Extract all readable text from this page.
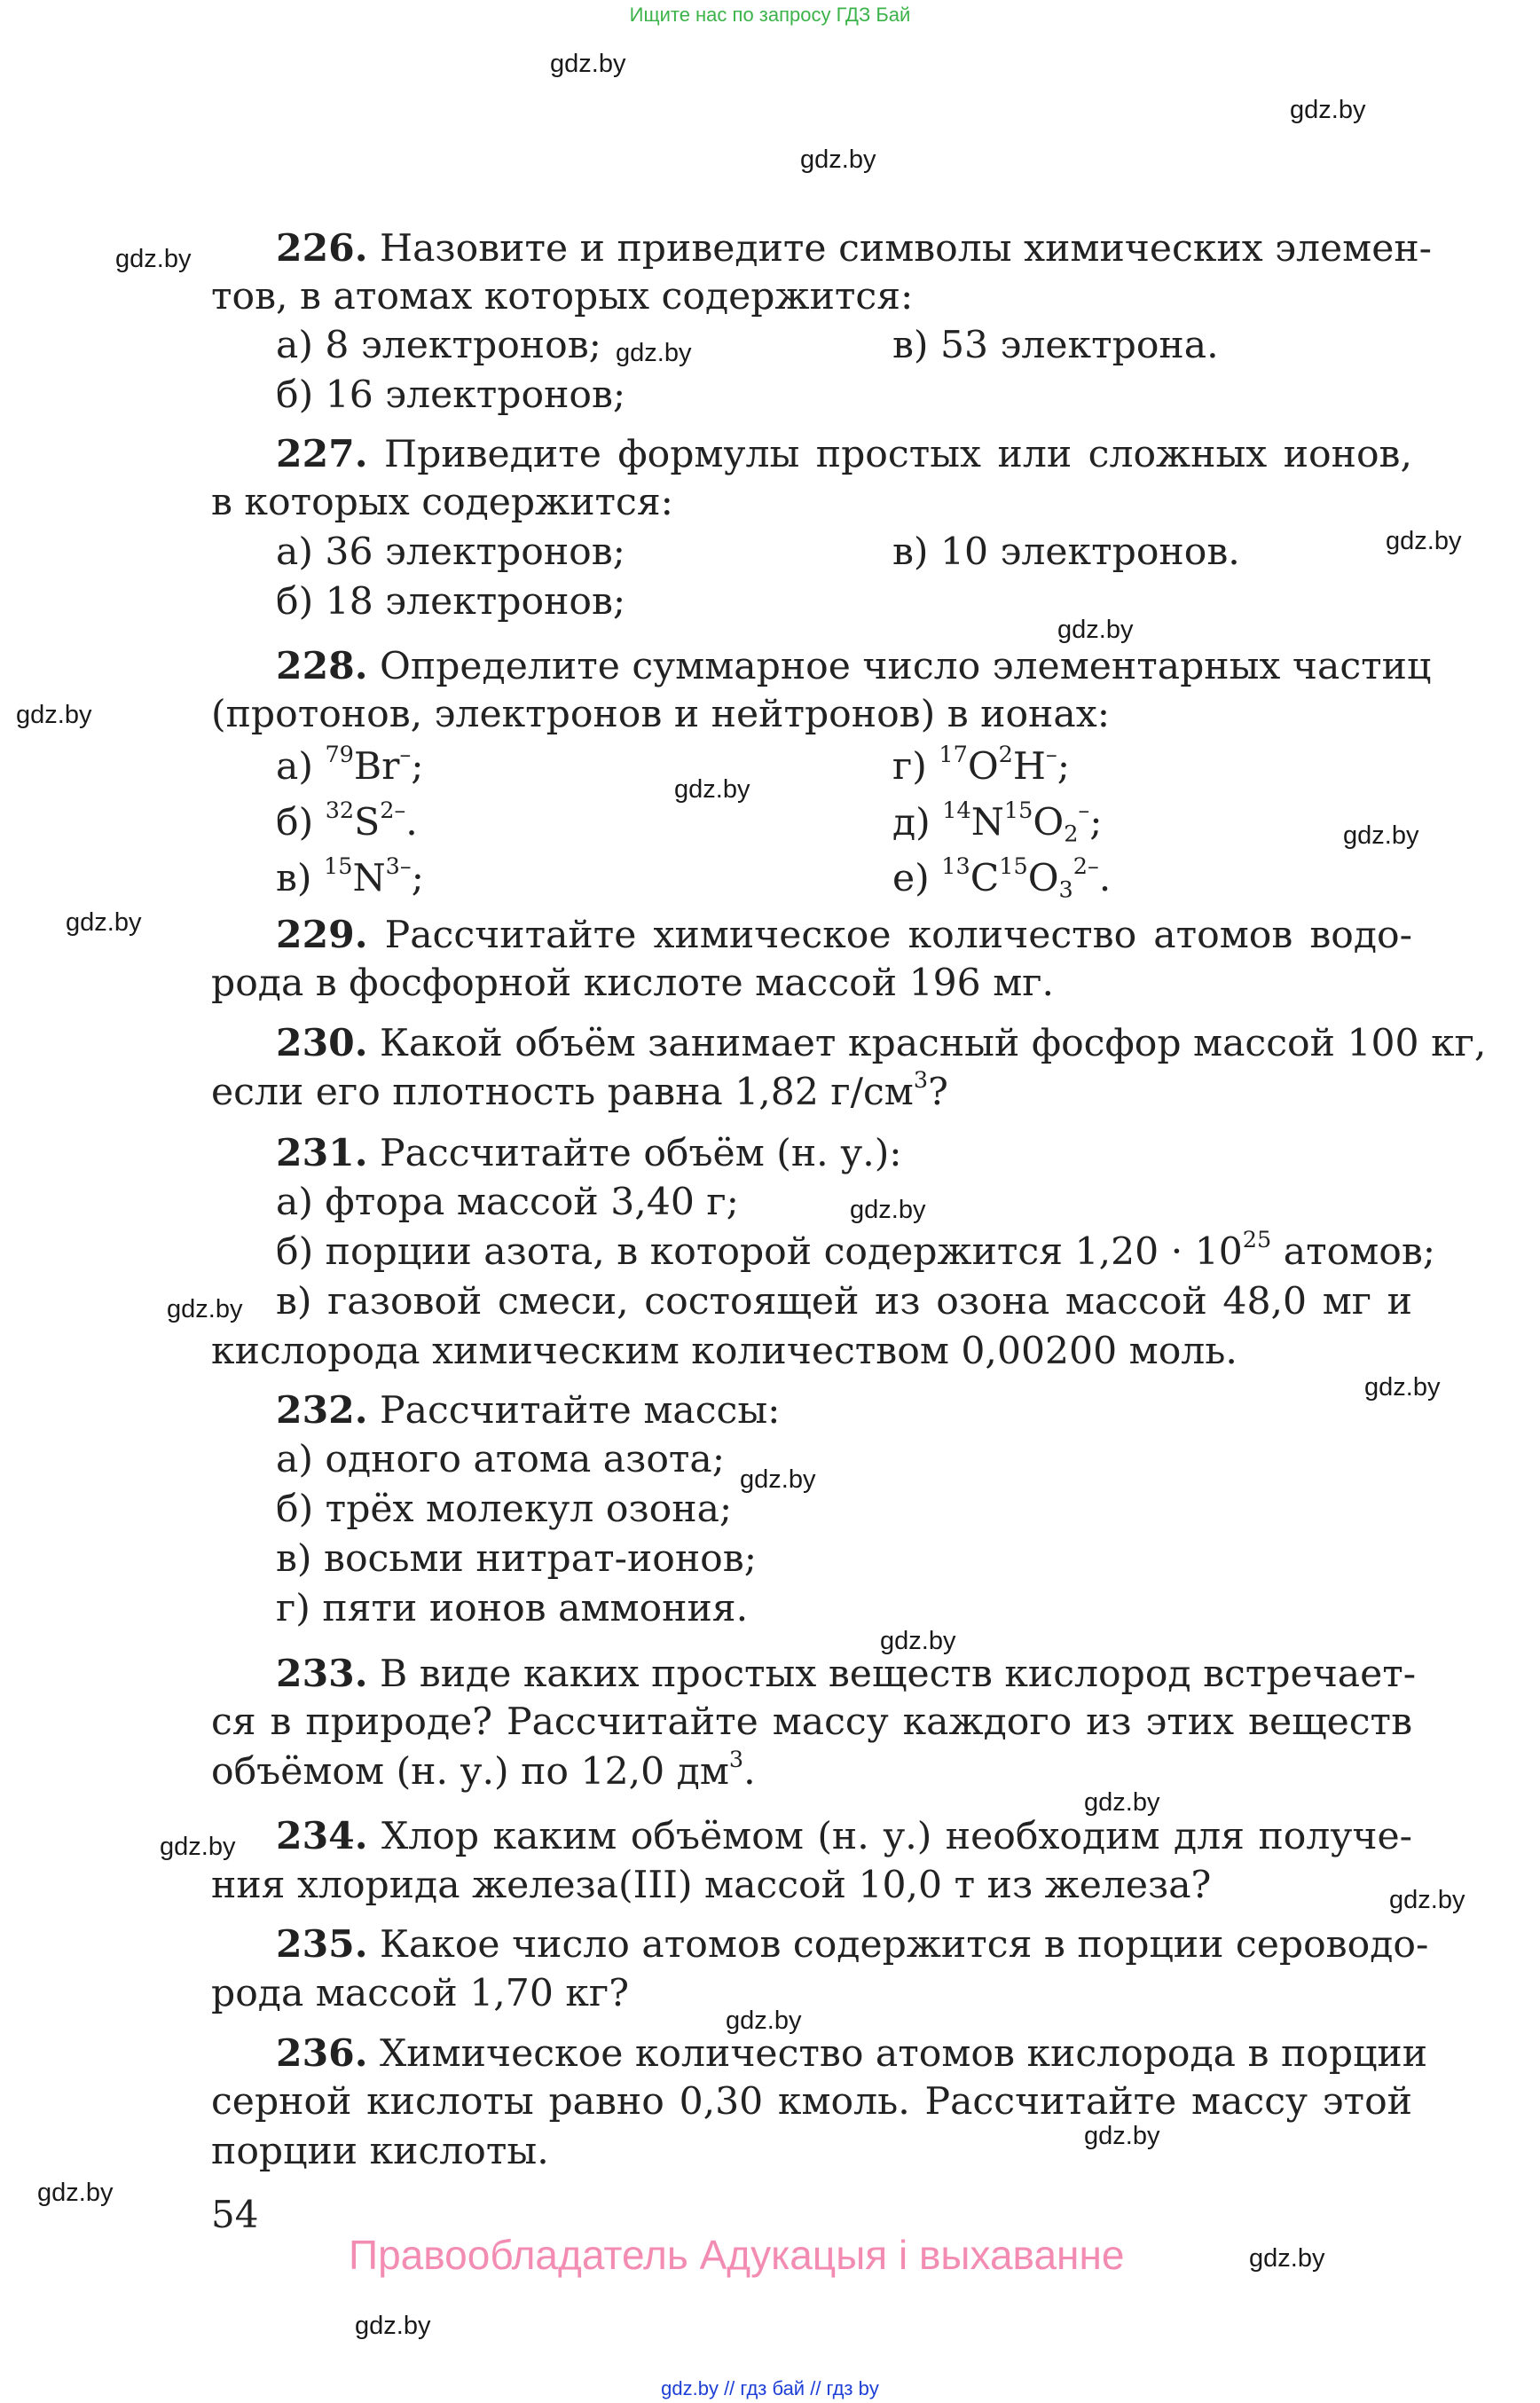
Ищите нас по запросу ГДЗ Бай
gdz.by
gdz.by
gdz.by
gdz.by
gdz.by
gdz.by
gdz.by
gdz.by
gdz.by
gdz.by
gdz.by
gdz.by
gdz.by
gdz.by
gdz.by
gdz.by
gdz.by
gdz.by
gdz.by
gdz.by
gdz.by
gdz.by
gdz.by
gdz.by
226. Назовите и приведите символы химических элемен-
тов, в атомах которых содержится:
а) 8 электронов;	в) 53 электрона.
б) 16 электронов;
227. Приведите формулы простых или сложных ионов,
в которых содержится:
а) 36 электронов;	в) 10 электронов.
б) 18 электронов;
228. Определите суммарное число элементарных частиц
(протонов, электронов и нейтронов) в ионах:
а) $^{79}$Br–;	г) $^{17}O^2H^-$;
б) $^{32}S^{2-}$.	д) $^{14}N^{15}O_2^-$;
в) $^{15}N^{3-}$;	е) $^{13}C^{15}O_3^{2-}$.
229. Рассчитайте химическое количество атомов водо-
рода в фосфорной кислоте массой 196 мг.
230. Какой объём занимает красный фосфор массой 100 кг,
если его плотность равна 1,82 $г/см^3$?
231. Рассчитайте объём (н. у.):
а) фтора массой 3,40 г;
б) порции азота, в которой содержится $1,20 \cdot 10^{25}$ атомов;
в) газовой смеси, состоящей из озона массой 48,0 мг и
кислорода химическим количеством 0,00200 моль.
232. Рассчитайте массы:
а) одного атома азота;
б) трёх молекул озона;
в) восьми нитрат-ионов;
г) пяти ионов аммония.
233. В виде каких простых веществ кислород встречает-
ся в природе? Рассчитайте массу каждого из этих веществ
объёмом (н. у.) по 12,0 $дм^3$.
234. Хлор каким объёмом (н. у.) необходим для получе-
ния хлорида железа(III) массой 10,0 т из железа?
235. Какое число атомов содержится в порции сероводо-
рода массой 1,70 кг?
236. Химическое количество атомов кислорода в порции
серной кислоты равно 0,30 кмоль. Рассчитайте массу этой
порции кислоты.
54
Правообладатель Адукацыя і выхаванне
gdz.by // гдз бай // гдз by
